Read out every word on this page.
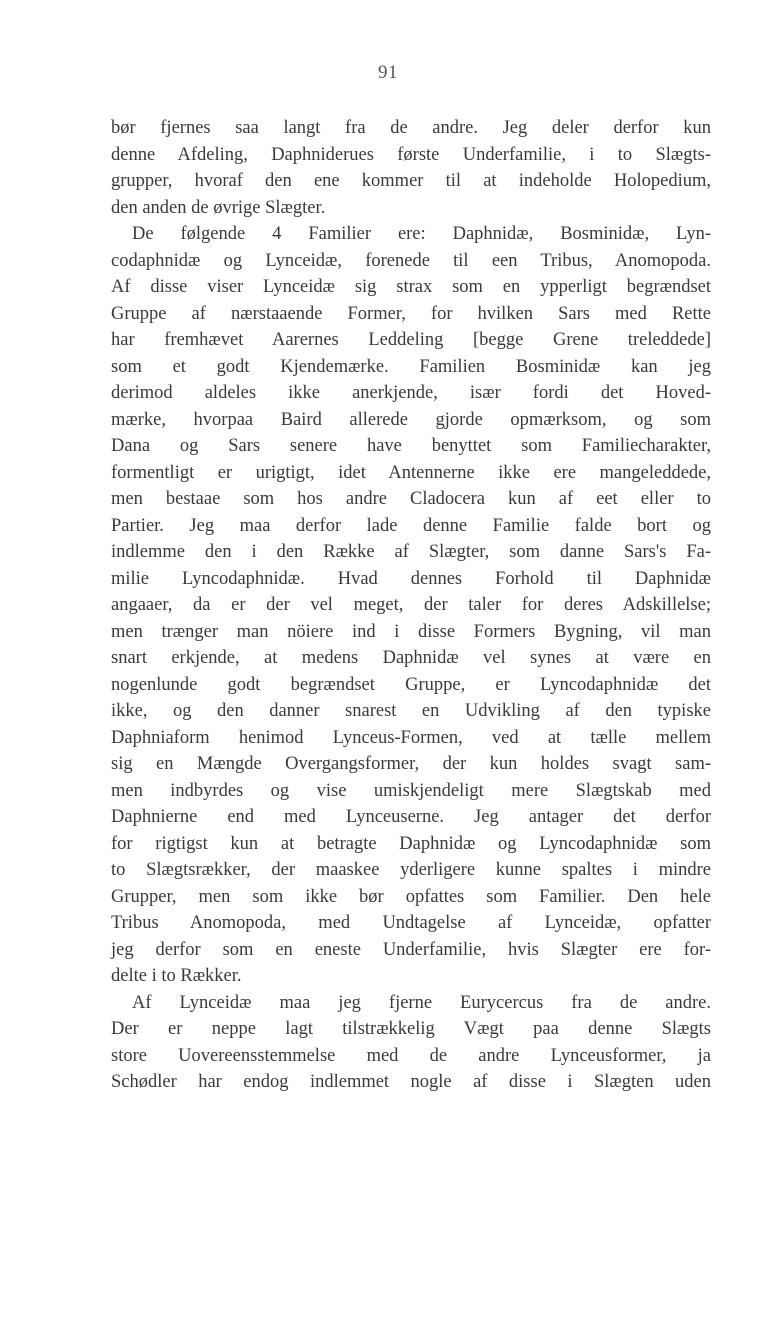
91
bør fjernes saa langt fra de andre. Jeg deler derfor kun
denne Afdeling, Daphniderues første Underfamilie, i to Slægts-
grupper, hvoraf den ene kommer til at indeholde Holopedium,
den anden de øvrige Slægter.
De følgende 4 Familier ere: Daphnidæ, Bosminidæ, Lyn-
codaphnidæ og Lynceidæ, forenede til een Tribus, Anomopoda.
Af disse viser Lynceidæ sig strax som en ypperligt begrændset
Gruppe af nærstaaende Former, for hvilken Sars med Rette
har fremhævet Aarernes Leddeling [begge Grene treleddede]
som et godt Kjendemærke. Familien Bosminidæ kan jeg
derimod aldeles ikke anerkjende, især fordi det Hoved-
mærke, hvorpaa Baird allerede gjorde opmærksom, og som
Dana og Sars senere have benyttet som Familiecharakter,
formentligt er urigtigt, idet Antennerne ikke ere mangeleddede,
men bestaae som hos andre Cladocera kun af eet eller to
Partier. Jeg maa derfor lade denne Familie falde bort og
indlemme den i den Række af Slægter, som danne Sars's Fa-
milie Lyncodaphnidæ. Hvad dennes Forhold til Daphnidæ
angaaer, da er der vel meget, der taler for deres Adskillelse;
men trænger man nöiere ind i disse Formers Bygning, vil man
snart erkjende, at medens Daphnidæ vel synes at være en
nogenlunde godt begrændset Gruppe, er Lyncodaphnidæ det
ikke, og den danner snarest en Udvikling af den typiske
Daphniaform henimod Lynceus-Formen, ved at tælle mellem
sig en Mængde Overgangsformer, der kun holdes svagt sam-
men indbyrdes og vise umiskjendeligt mere Slægtskab med
Daphnierne end med Lynceuserne. Jeg antager det derfor
for rigtigst kun at betragte Daphnidæ og Lyncodaphnidæ som
to Slægtsrækker, der maaskee yderligere kunne spaltes i mindre
Grupper, men som ikke bør opfattes som Familier. Den hele
Tribus Anomopoda, med Undtagelse af Lynceidæ, opfatter
jeg derfor som en eneste Underfamilie, hvis Slægter ere for-
delte i to Rækker.
Af Lynceidæ maa jeg fjerne Eurycercus fra de andre.
Der er neppe lagt tilstrækkelig Vægt paa denne Slægts
store Uovereensstemmelse med de andre Lynceusformer, ja
Schødler har endog indlemmet nogle af disse i Slægten uden
